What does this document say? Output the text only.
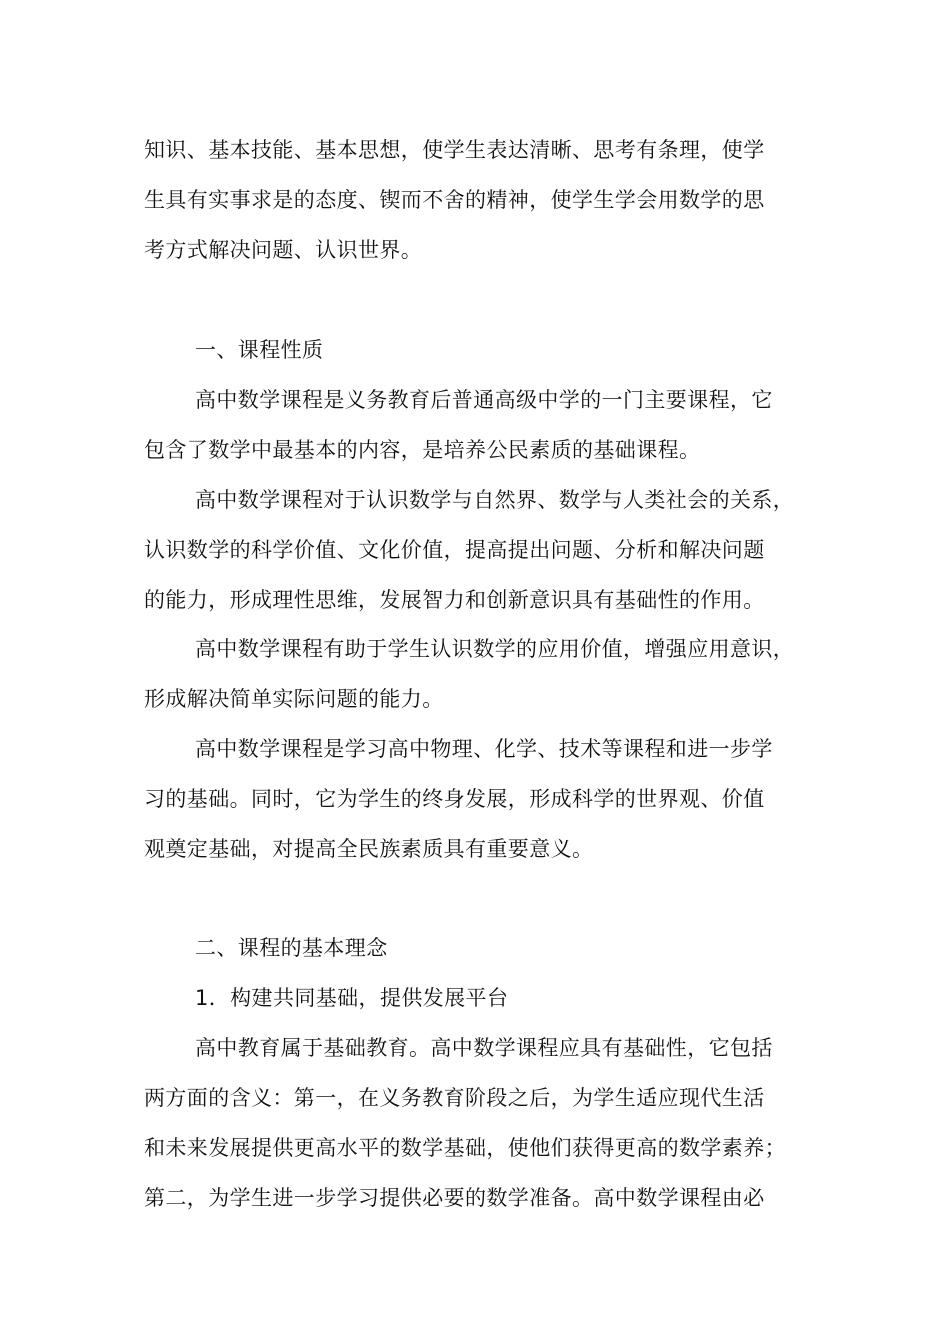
知识、基本技能、基本思想，使学生表达清晰、思考有条理，使学
生具有实事求是的态度、锲而不舍的精神，使学生学会用数学的思
考方式解决问题、认识世界。
一、课程性质
高中数学课程是义务教育后普通高级中学的一门主要课程，它
包含了数学中最基本的内容，是培养公民素质的基础课程。
高中数学课程对于认识数学与自然界、数学与人类社会的关系，
认识数学的科学价值、文化价值，提高提出问题、分析和解决问题
的能力，形成理性思维，发展智力和创新意识具有基础性的作用。
高中数学课程有助于学生认识数学的应用价值，增强应用意识，
形成解决简单实际问题的能力。
高中数学课程是学习高中物理、化学、技术等课程和进一步学
习的基础。同时，它为学生的终身发展，形成科学的世界观、价值
观奠定基础，对提高全民族素质具有重要意义。
二、课程的基本理念
1．构建共同基础，提供发展平台
高中教育属于基础教育。高中数学课程应具有基础性，它包括
两方面的含义：第一，在义务教育阶段之后，为学生适应现代生活
和未来发展提供更高水平的数学基础，使他们获得更高的数学素养；
第二，为学生进一步学习提供必要的数学准备。高中数学课程由必
